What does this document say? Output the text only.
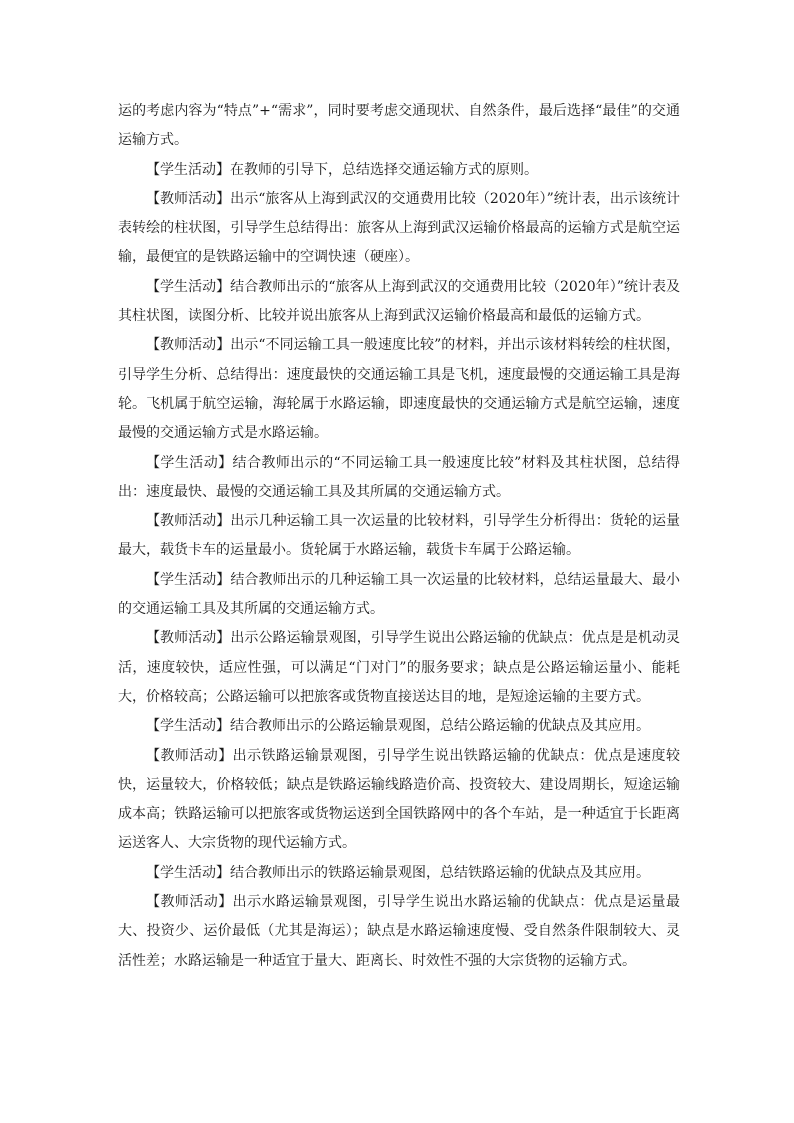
运的考虑内容为“特点”+“需求”，同时要考虑交通现状、自然条件，最后选择“最佳”的交通运输方式。

【学生活动】在教师的引导下，总结选择交通运输方式的原则。

【教师活动】出示“旅客从上海到武汉的交通费用比较（2020年）”统计表，出示该统计表转绘的柱状图，引导学生总结得出：旅客从上海到武汉运输价格最高的运输方式是航空运输，最便宜的是铁路运输中的空调快速（硬座）。

【学生活动】结合教师出示的“旅客从上海到武汉的交通费用比较（2020年）”统计表及其柱状图，读图分析、比较并说出旅客从上海到武汉运输价格最高和最低的运输方式。

【教师活动】出示“不同运输工具一般速度比较”的材料，并出示该材料转绘的柱状图，引导学生分析、总结得出：速度最快的交通运输工具是飞机，速度最慢的交通运输工具是海轮。飞机属于航空运输，海轮属于水路运输，即速度最快的交通运输方式是航空运输，速度最慢的交通运输方式是水路运输。

【学生活动】结合教师出示的“不同运输工具一般速度比较”材料及其柱状图，总结得出：速度最快、最慢的交通运输工具及其所属的交通运输方式。

【教师活动】出示几种运输工具一次运量的比较材料，引导学生分析得出：货轮的运量最大，载货卡车的运量最小。货轮属于水路运输，载货卡车属于公路运输。

【学生活动】结合教师出示的几种运输工具一次运量的比较材料，总结运量最大、最小的交通运输工具及其所属的交通运输方式。

【教师活动】出示公路运输景观图，引导学生说出公路运输的优缺点：优点是是机动灵活，速度较快，适应性强，可以满足“门对门”的服务要求；缺点是公路运输运量小、能耗大，价格较高；公路运输可以把旅客或货物直接送达目的地，是短途运输的主要方式。

【学生活动】结合教师出示的公路运输景观图，总结公路运输的优缺点及其应用。

【教师活动】出示铁路运输景观图，引导学生说出铁路运输的优缺点：优点是速度较快，运量较大，价格较低；缺点是铁路运输线路造价高、投资较大、建设周期长，短途运输成本高；铁路运输可以把旅客或货物运送到全国铁路网中的各个车站，是一种适宜于长距离运送客人、大宗货物的现代运输方式。

【学生活动】结合教师出示的铁路运输景观图，总结铁路运输的优缺点及其应用。

【教师活动】出示水路运输景观图，引导学生说出水路运输的优缺点：优点是运量最大、投资少、运价最低（尤其是海运）；缺点是水路运输速度慢、受自然条件限制较大、灵活性差；水路运输是一种适宜于量大、距离长、时效性不强的大宗货物的运输方式。
